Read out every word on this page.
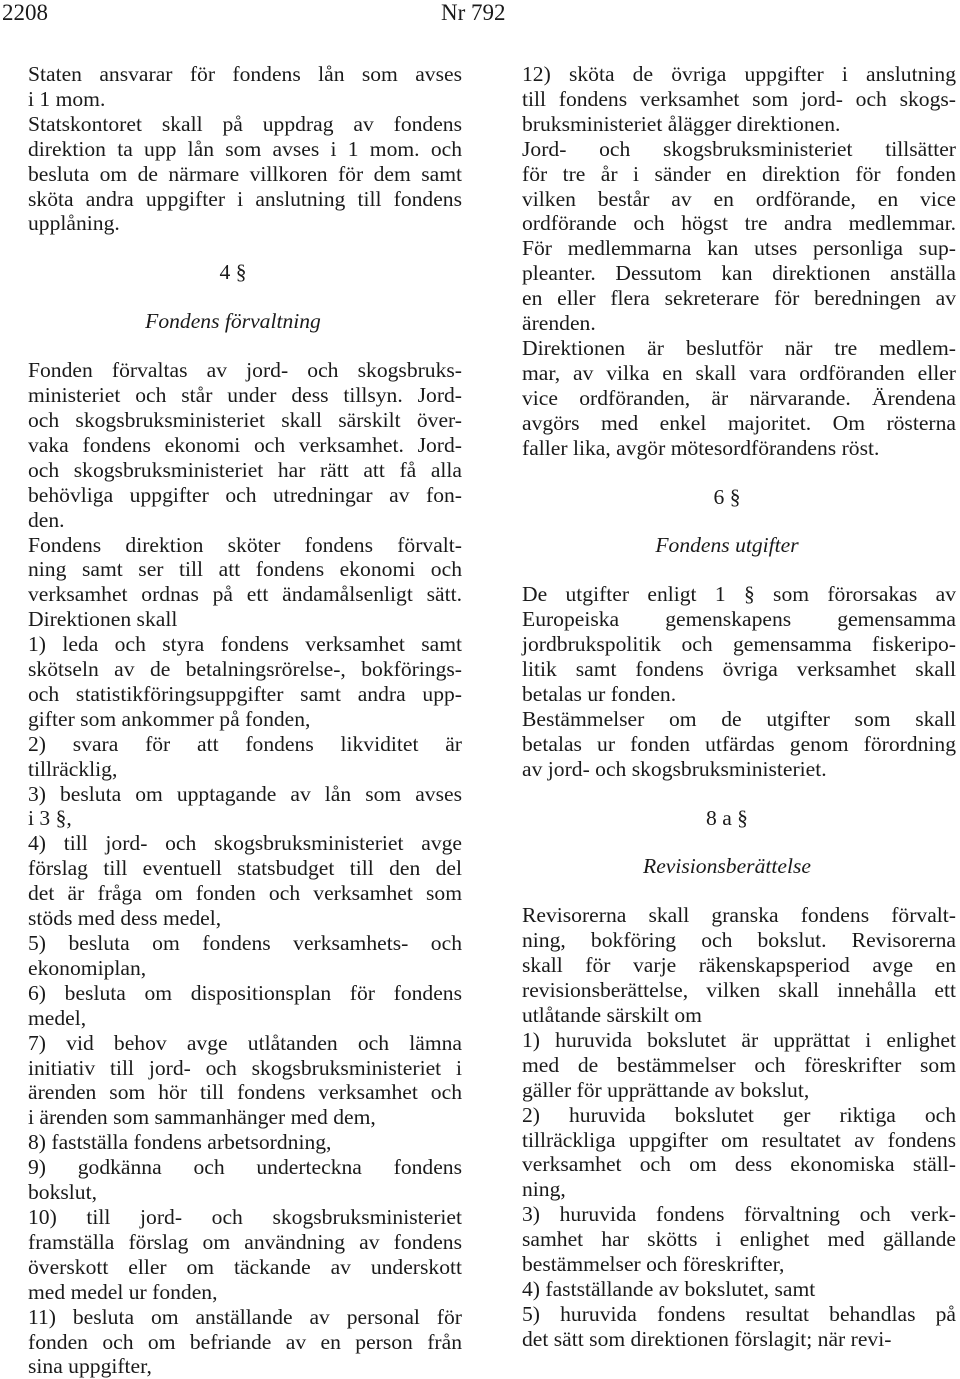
2208	Nr 792

Staten ansvarar för fondens lån som avses
i 1 mom.

Statskontoret skall på uppdrag av fondens
direktion ta upp lån som avses i 1 mom. och
besluta om de närmare villkoren för dem samt
sköta andra uppgifter i anslutning till fondens
upplåning.

4 §

Fondens förvaltning

Fonden förvaltas av jord- och skogsbruks-
ministeriet och står under dess tillsyn. Jord-
och skogsbruksministeriet skall särskilt över-
vaka fondens ekonomi och verksamhet. Jord-
och skogsbruksministeriet har rätt att få alla
behövliga uppgifter och utredningar av fon-
den.

Fondens direktion sköter fondens förvalt-
ning samt ser till att fondens ekonomi och
verksamhet ordnas på ett ändamålsenligt sätt.
Direktionen skall

1) leda och styra fondens verksamhet samt
skötseln av de betalningsrörelse-, bokförings-
och statistikföringsuppgifter samt andra upp-
gifter som ankommer på fonden,

2) svara för att fondens likviditet är
tillräcklig,

3) besluta om upptagande av lån som avses
i 3 §,

4) till jord- och skogsbruksministeriet avge
förslag till eventuell statsbudget till den del
det är fråga om fonden och verksamhet som
stöds med dess medel,

5) besluta om fondens verksamhets- och
ekonomiplan,

6) besluta om dispositionsplan för fondens
medel,

7) vid behov avge utlåtanden och lämna
initiativ till jord- och skogsbruksministeriet i
ärenden som hör till fondens verksamhet och
i ärenden som sammanhänger med dem,

8) fastställa fondens arbetsordning,

9) godkänna och underteckna fondens
bokslut,

10) till jord- och skogsbruksministeriet
framställa förslag om användning av fondens
överskott eller om täckande av underskott
med medel ur fonden,

11) besluta om anställande av personal för
fonden och om befriande av en person från
sina uppgifter,

12) sköta de övriga uppgifter i anslutning
till fondens verksamhet som jord- och skogs-
bruksministeriet ålägger direktionen.

Jord- och skogsbruksministeriet tillsätter
för tre år i sänder en direktion för fonden
vilken består av en ordförande, en vice
ordförande och högst tre andra medlemmar.
För medlemmarna kan utses personliga sup-
pleanter. Dessutom kan direktionen anställa
en eller flera sekreterare för beredningen av
ärenden.

Direktionen är beslutför när tre medlem-
mar, av vilka en skall vara ordföranden eller
vice ordföranden, är närvarande. Ärendena
avgörs med enkel majoritet. Om rösterna
faller lika, avgör mötesordförandens röst.

6 §

Fondens utgifter

De utgifter enligt 1 § som förorsakas av
Europeiska gemenskapens gemensamma
jordbrukspolitik och gemensamma fiskeripo-
litik samt fondens övriga verksamhet skall
betalas ur fonden.

Bestämmelser om de utgifter som skall
betalas ur fonden utfärdas genom förordning
av jord- och skogsbruksministeriet.

8 a §

Revisionsberättelse

Revisorerna skall granska fondens förvalt-
ning, bokföring och bokslut. Revisorerna
skall för varje räkenskapsperiod avge en
revisionsberättelse, vilken skall innehålla ett
utlåtande särskilt om

1) huruvida bokslutet är upprättat i enlighet
med de bestämmelser och föreskrifter som
gäller för upprättande av bokslut,

2) huruvida bokslutet ger riktiga och
tillräckliga uppgifter om resultatet av fondens
verksamhet och om dess ekonomiska ställ-
ning,

3) huruvida fondens förvaltning och verk-
samhet har skötts i enlighet med gällande
bestämmelser och föreskrifter,

4) fastställande av bokslutet, samt

5) huruvida fondens resultat behandlas på
det sätt som direktionen förslagit; när revi-
